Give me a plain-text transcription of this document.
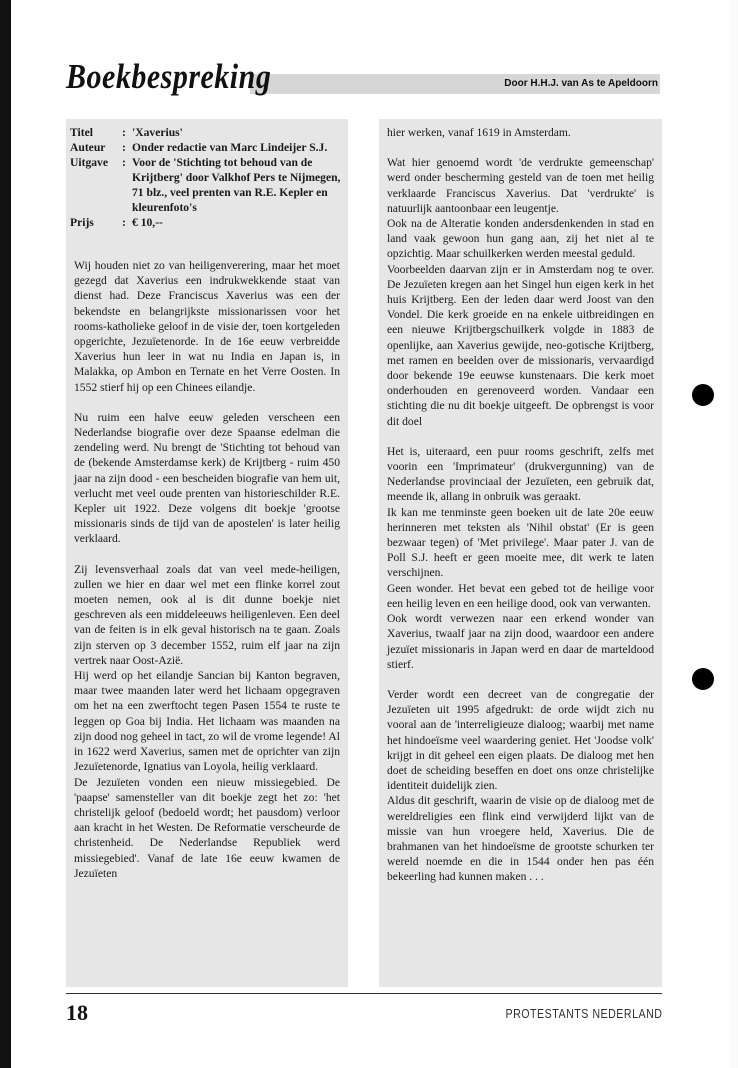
Boekbespreking	Door H.H.J. van As te Apeldoorn
Titel	:	'Xaverius'
Auteur	:	Onder redactie van Marc Lindeijer S.J.
Uitgave	:	Voor de 'Stichting tot behoud van de Krijtberg' door Valkhof Pers te Nijmegen, 71 blz., veel prenten van R.E. Kepler en kleurenfoto's
Prijs	:	€ 10,--

Wij houden niet zo van heiligenverering, maar het moet gezegd dat Xaverius een indrukwekkende staat van dienst had. Deze Franciscus Xaverius was een der bekendste en belangrijkste missionarissen voor het rooms-katholieke geloof in de visie der, toen kortgeleden opgerichte, Jezuïetenorde. In de 16e eeuw verbreidde Xaverius hun leer in wat nu India en Japan is, in Malakka, op Ambon en Ternate en het Verre Oosten. In 1552 stierf hij op een Chinees eilandje.

Nu ruim een halve eeuw geleden verscheen een Nederlandse biografie over deze Spaanse edelman die zendeling werd. Nu brengt de 'Stichting tot behoud van de (bekende Amsterdamse kerk) de Krijtberg - ruim 450 jaar na zijn dood - een bescheiden biografie van hem uit, verlucht met veel oude prenten van historieschilder R.E. Kepler uit 1922. Deze volgens dit boekje 'grootse missionaris sinds de tijd van de apostelen' is later heilig verklaard.

Zij levensverhaal zoals dat van veel mede-heiligen, zullen we hier en daar wel met een flinke korrel zout moeten nemen, ook al is dit dunne boekje niet geschreven als een middeleeuws heiligenleven. Een deel van de feiten is in elk geval historisch na te gaan. Zoals zijn sterven op 3 december 1552, ruim elf jaar na zijn vertrek naar Oost-Azië.

Hij werd op het eilandje Sancian bij Kanton begraven, maar twee maanden later werd het lichaam opgegraven om het na een zwerftocht tegen Pasen 1554 te ruste te leggen op Goa bij India. Het lichaam was maanden na zijn dood nog geheel in tact, zo wil de vrome legende! Al in 1622 werd Xaverius, samen met de oprichter van zijn Jezuïetenorde, Ignatius van Loyola, heilig verklaard.

De Jezuïeten vonden een nieuw missiegebied. De 'paapse' samensteller van dit boekje zegt het zo: 'het christelijk geloof (bedoeld wordt; het pausdom) verloor aan kracht in het Westen. De Reformatie verscheurde de christenheid. De Nederlandse Republiek werd missiegebied'. Vanaf de late 16e eeuw kwamen de Jezuïeten

hier werken, vanaf 1619 in Amsterdam.

Wat hier genoemd wordt 'de verdrukte gemeenschap' werd onder bescherming gesteld van de toen met heilig verklaarde Franciscus Xaverius. Dat 'verdrukte' is natuurlijk aantoonbaar een leugentje.

Ook na de Alteratie konden andersdenkenden in stad en land vaak gewoon hun gang aan, zij het niet al te opzichtig. Maar schuilkerken werden meestal geduld.

Voorbeelden daarvan zijn er in Amsterdam nog te over. De Jezuïeten kregen aan het Singel hun eigen kerk in het huis Krijtberg. Een der leden daar werd Joost van den Vondel. Die kerk groeide en na enkele uitbreidingen en een nieuwe Krijtbergschuilkerk volgde in 1883 de openlijke, aan Xaverius gewijde, neo-gotische Krijtberg, met ramen en beelden over de missionaris, vervaardigd door bekende 19e eeuwse kunstenaars. Die kerk moet onderhouden en gerenoveerd worden. Vandaar een stichting die nu dit boekje uitgeeft. De opbrengst is voor dit doel

Het is, uiteraard, een puur rooms geschrift, zelfs met voorin een 'Imprimateur' (drukvergunning) van de Nederlandse provinciaal der Jezuïeten, een gebruik dat, meende ik, allang in onbruik was geraakt.

Ik kan me tenminste geen boeken uit de late 20e eeuw herinneren met teksten als 'Nihil obstat' (Er is geen bezwaar tegen) of 'Met privilege'. Maar pater J. van de Poll S.J. heeft er geen moeite mee, dit werk te laten verschijnen.

Geen wonder. Het bevat een gebed tot de heilige voor een heilig leven en een heilige dood, ook van verwanten.

Ook wordt verwezen naar een erkend wonder van Xaverius, twaalf jaar na zijn dood, waardoor een andere jezuïet missionaris in Japan werd en daar de marteldood stierf.

Verder wordt een decreet van de congregatie der Jezuïeten uit 1995 afgedrukt: de orde wijdt zich nu vooral aan de 'interreligieuze dialoog; waarbij met name het hindoeïsme veel waardering geniet. Het 'Joodse volk' krijgt in dit geheel een eigen plaats. De dialoog met hen doet de scheiding beseffen en doet ons onze christelijke identiteit duidelijk zien.

Aldus dit geschrift, waarin de visie op de dialoog met de wereldreligies een flink eind verwijderd lijkt van de missie van hun vroegere held, Xaverius. Die de brahmanen van het hindoeïsme de grootste schurken ter wereld noemde en die in 1544 onder hen pas één bekeerling had kunnen maken . . .

18	PROTESTANTS NEDERLAND
